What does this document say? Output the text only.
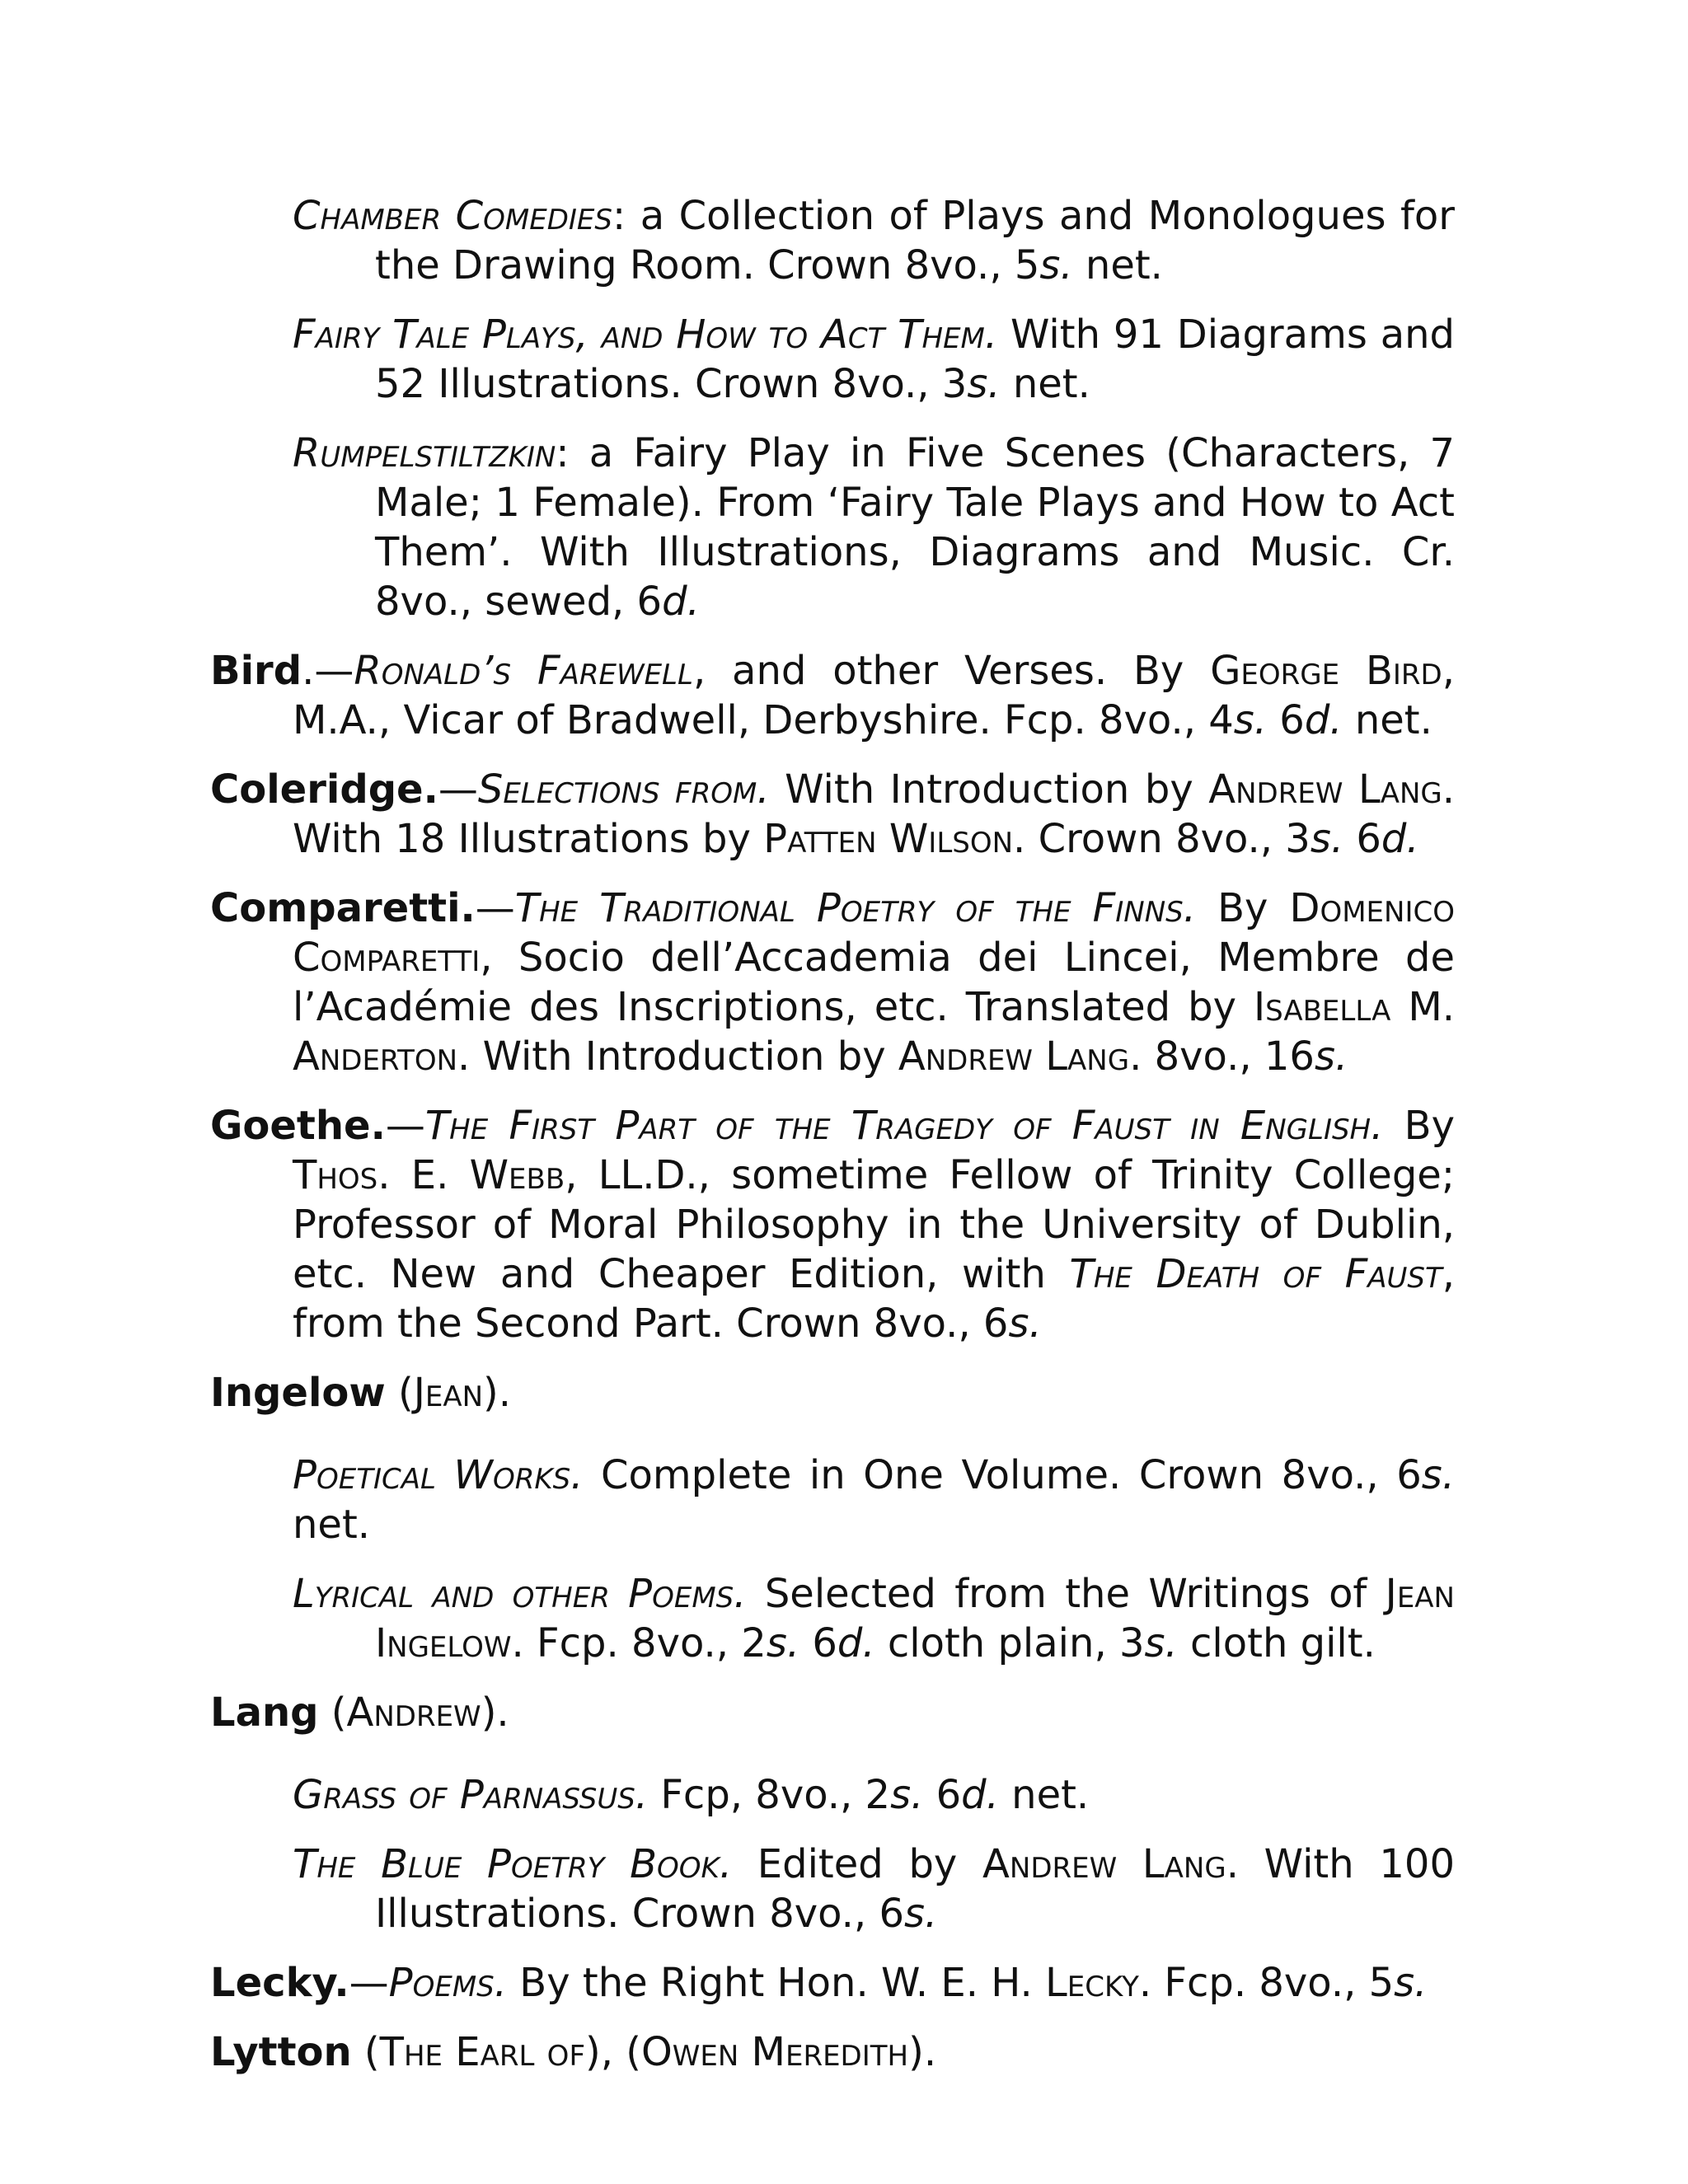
Chamber Comedies: a Collection of Plays and Monologues for the Drawing Room. Crown 8vo., 5s. net.

Fairy Tale Plays, and How to Act Them. With 91 Diagrams and 52 Illustrations. Crown 8vo., 3s. net.

Rumpelstiltzkin: a Fairy Play in Five Scenes (Characters, 7 Male; 1 Female). From ‘Fairy Tale Plays and How to Act Them’. With Illustrations, Diagrams and Music. Cr. 8vo., sewed, 6d.

Bird.—Ronald’s Farewell, and other Verses. By George Bird, M.A., Vicar of Bradwell, Derbyshire. Fcp. 8vo., 4s. 6d. net.

Coleridge.—Selections from. With Introduction by Andrew Lang. With 18 Illustrations by Patten Wilson. Crown 8vo., 3s. 6d.

Comparetti.—The Traditional Poetry of the Finns. By Domenico Comparetti, Socio dell’Accademia dei Lincei, Membre de l’Académie des Inscriptions, etc. Translated by Isabella M. Anderton. With Introduction by Andrew Lang. 8vo., 16s.

Goethe.—The First Part of the Tragedy of Faust in English. By Thos. E. Webb, LL.D., sometime Fellow of Trinity College; Professor of Moral Philosophy in the University of Dublin, etc. New and Cheaper Edition, with The Death of Faust, from the Second Part. Crown 8vo., 6s.

Ingelow (Jean).

Poetical Works. Complete in One Volume. Crown 8vo., 6s. net.

Lyrical and other Poems. Selected from the Writings of Jean Ingelow. Fcp. 8vo., 2s. 6d. cloth plain, 3s. cloth gilt.

Lang (Andrew).

Grass of Parnassus. Fcp, 8vo., 2s. 6d. net.

The Blue Poetry Book. Edited by Andrew Lang. With 100 Illustrations. Crown 8vo., 6s.

Lecky.—Poems. By the Right Hon. W. E. H. Lecky. Fcp. 8vo., 5s.

Lytton (The Earl of), (Owen Meredith).
